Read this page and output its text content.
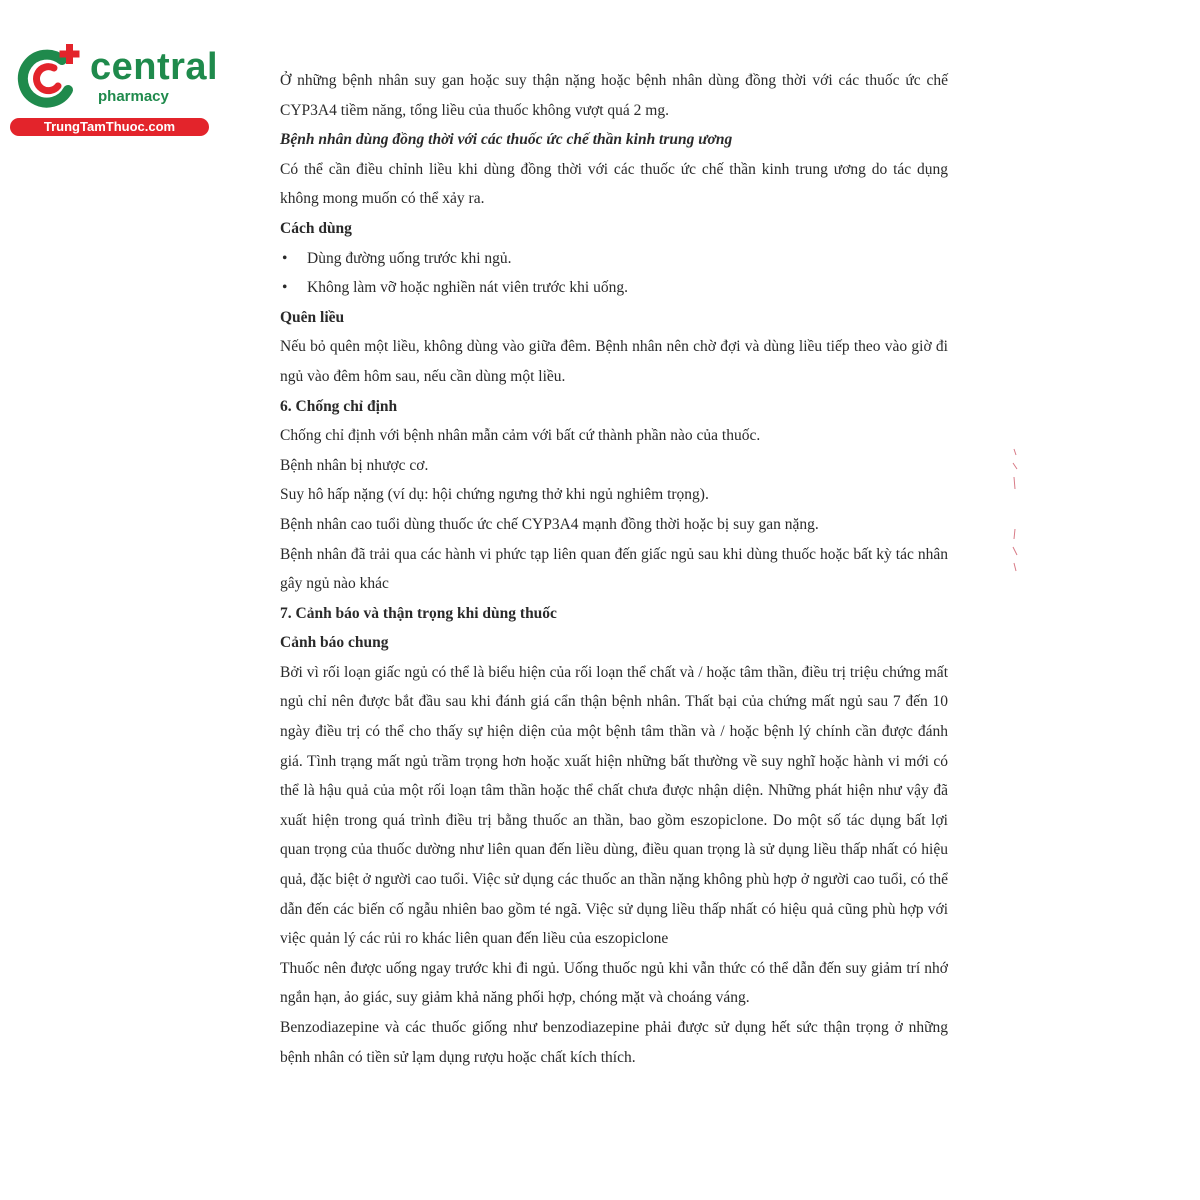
central
pharmacy
TrungTamThuoc.com

Ở những bệnh nhân suy gan hoặc suy thận nặng hoặc bệnh nhân dùng đồng thời với các thuốc ức chế CYP3A4 tiềm năng, tổng liều của thuốc không vượt quá 2 mg.

Bệnh nhân dùng đồng thời với các thuốc ức chế thần kinh trung ương

Có thể cần điều chỉnh liều khi dùng đồng thời với các thuốc ức chế thần kinh trung ương do tác dụng không mong muốn có thể xảy ra.

Cách dùng

• Dùng đường uống trước khi ngủ.

• Không làm vỡ hoặc nghiền nát viên trước khi uống.

Quên liều

Nếu bỏ quên một liều, không dùng vào giữa đêm. Bệnh nhân nên chờ đợi và dùng liều tiếp theo vào giờ đi ngủ vào đêm hôm sau, nếu cần dùng một liều.

6. Chống chỉ định

Chống chỉ định với bệnh nhân mẫn cảm với bất cứ thành phần nào của thuốc.

Bệnh nhân bị nhược cơ.

Suy hô hấp nặng (ví dụ: hội chứng ngưng thở khi ngủ nghiêm trọng).

Bệnh nhân cao tuổi dùng thuốc ức chế CYP3A4 mạnh đồng thời hoặc bị suy gan nặng.

Bệnh nhân đã trải qua các hành vi phức tạp liên quan đến giấc ngủ sau khi dùng thuốc hoặc bất kỳ tác nhân gây ngủ nào khác

7. Cảnh báo và thận trọng khi dùng thuốc

Cảnh báo chung

Bởi vì rối loạn giấc ngủ có thể là biểu hiện của rối loạn thể chất và / hoặc tâm thần, điều trị triệu chứng mất ngủ chỉ nên được bắt đầu sau khi đánh giá cẩn thận bệnh nhân. Thất bại của chứng mất ngủ sau 7 đến 10 ngày điều trị có thể cho thấy sự hiện diện của một bệnh tâm thần và / hoặc bệnh lý chính cần được đánh giá. Tình trạng mất ngủ trầm trọng hơn hoặc xuất hiện những bất thường về suy nghĩ hoặc hành vi mới có thể là hậu quả của một rối loạn tâm thần hoặc thể chất chưa được nhận diện. Những phát hiện như vậy đã xuất hiện trong quá trình điều trị bằng thuốc an thần, bao gồm eszopiclone. Do một số tác dụng bất lợi quan trọng của thuốc dường như liên quan đến liều dùng, điều quan trọng là sử dụng liều thấp nhất có hiệu quả, đặc biệt ở người cao tuổi. Việc sử dụng các thuốc an thần nặng không phù hợp ở người cao tuổi, có thể dẫn đến các biến cố ngẫu nhiên bao gồm té ngã. Việc sử dụng liều thấp nhất có hiệu quả cũng phù hợp với việc quản lý các rủi ro khác liên quan đến liều của eszopiclone

Thuốc nên được uống ngay trước khi đi ngủ. Uống thuốc ngủ khi vẫn thức có thể dẫn đến suy giảm trí nhớ ngắn hạn, ảo giác, suy giảm khả năng phối hợp, chóng mặt và choáng váng.

Benzodiazepine và các thuốc giống như benzodiazepine phải được sử dụng hết sức thận trọng ở những bệnh nhân có tiền sử lạm dụng rượu hoặc chất kích thích.
